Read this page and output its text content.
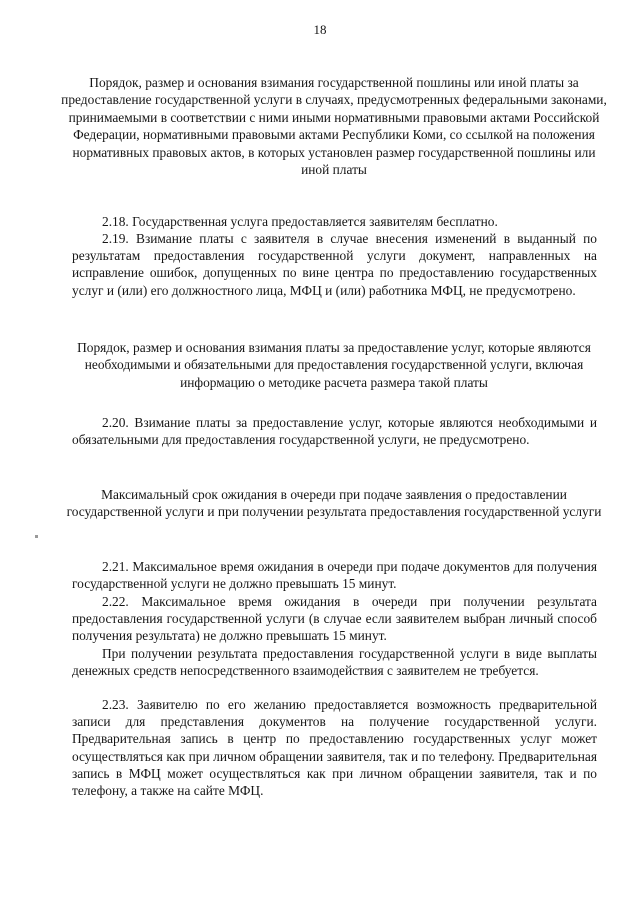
18
Порядок, размер и основания взимания государственной пошлины или иной платы за предоставление государственной услуги в случаях, предусмотренных федеральными законами, принимаемыми в соответствии с ними иными нормативными правовыми актами Российской Федерации, нормативными правовыми актами Республики Коми, со ссылкой на положения нормативных правовых актов, в которых установлен размер государственной пошлины или иной платы

2.18. Государственная услуга предоставляется заявителям бесплатно.

2.19. Взимание платы с заявителя в случае внесения изменений в выданный по результатам предоставления государственной услуги документ, направленных на исправление ошибок, допущенных по вине центра по предоставлению государственных услуг и (или) его должностного лица, МФЦ и (или) работника МФЦ, не предусмотрено.

Порядок, размер и основания взимания платы за предоставление услуг, которые являются необходимыми и обязательными для предоставления государственной услуги, включая информацию о методике расчета размера такой платы

2.20. Взимание платы за предоставление услуг, которые являются необходимыми и обязательными для предоставления государственной услуги, не предусмотрено.

Максимальный срок ожидания в очереди при подаче заявления о предоставлении государственной услуги и при получении результата предоставления государственной услуги

2.21. Максимальное время ожидания в очереди при подаче документов для получения государственной услуги не должно превышать 15 минут.

2.22. Максимальное время ожидания в очереди при получении результата предоставления государственной услуги (в случае если заявителем выбран личный способ получения результата) не должно превышать 15 минут.

При получении результата предоставления государственной услуги в виде выплаты денежных средств непосредственного взаимодействия с заявителем не требуется.

2.23. Заявителю по его желанию предоставляется возможность предварительной записи для представления документов на получение государственной услуги. Предварительная запись в центр по предоставлению государственных услуг может осуществляться как при личном обращении заявителя, так и по телефону. Предварительная запись в МФЦ может осуществляться как при личном обращении заявителя, так и по телефону, а также на сайте МФЦ.
